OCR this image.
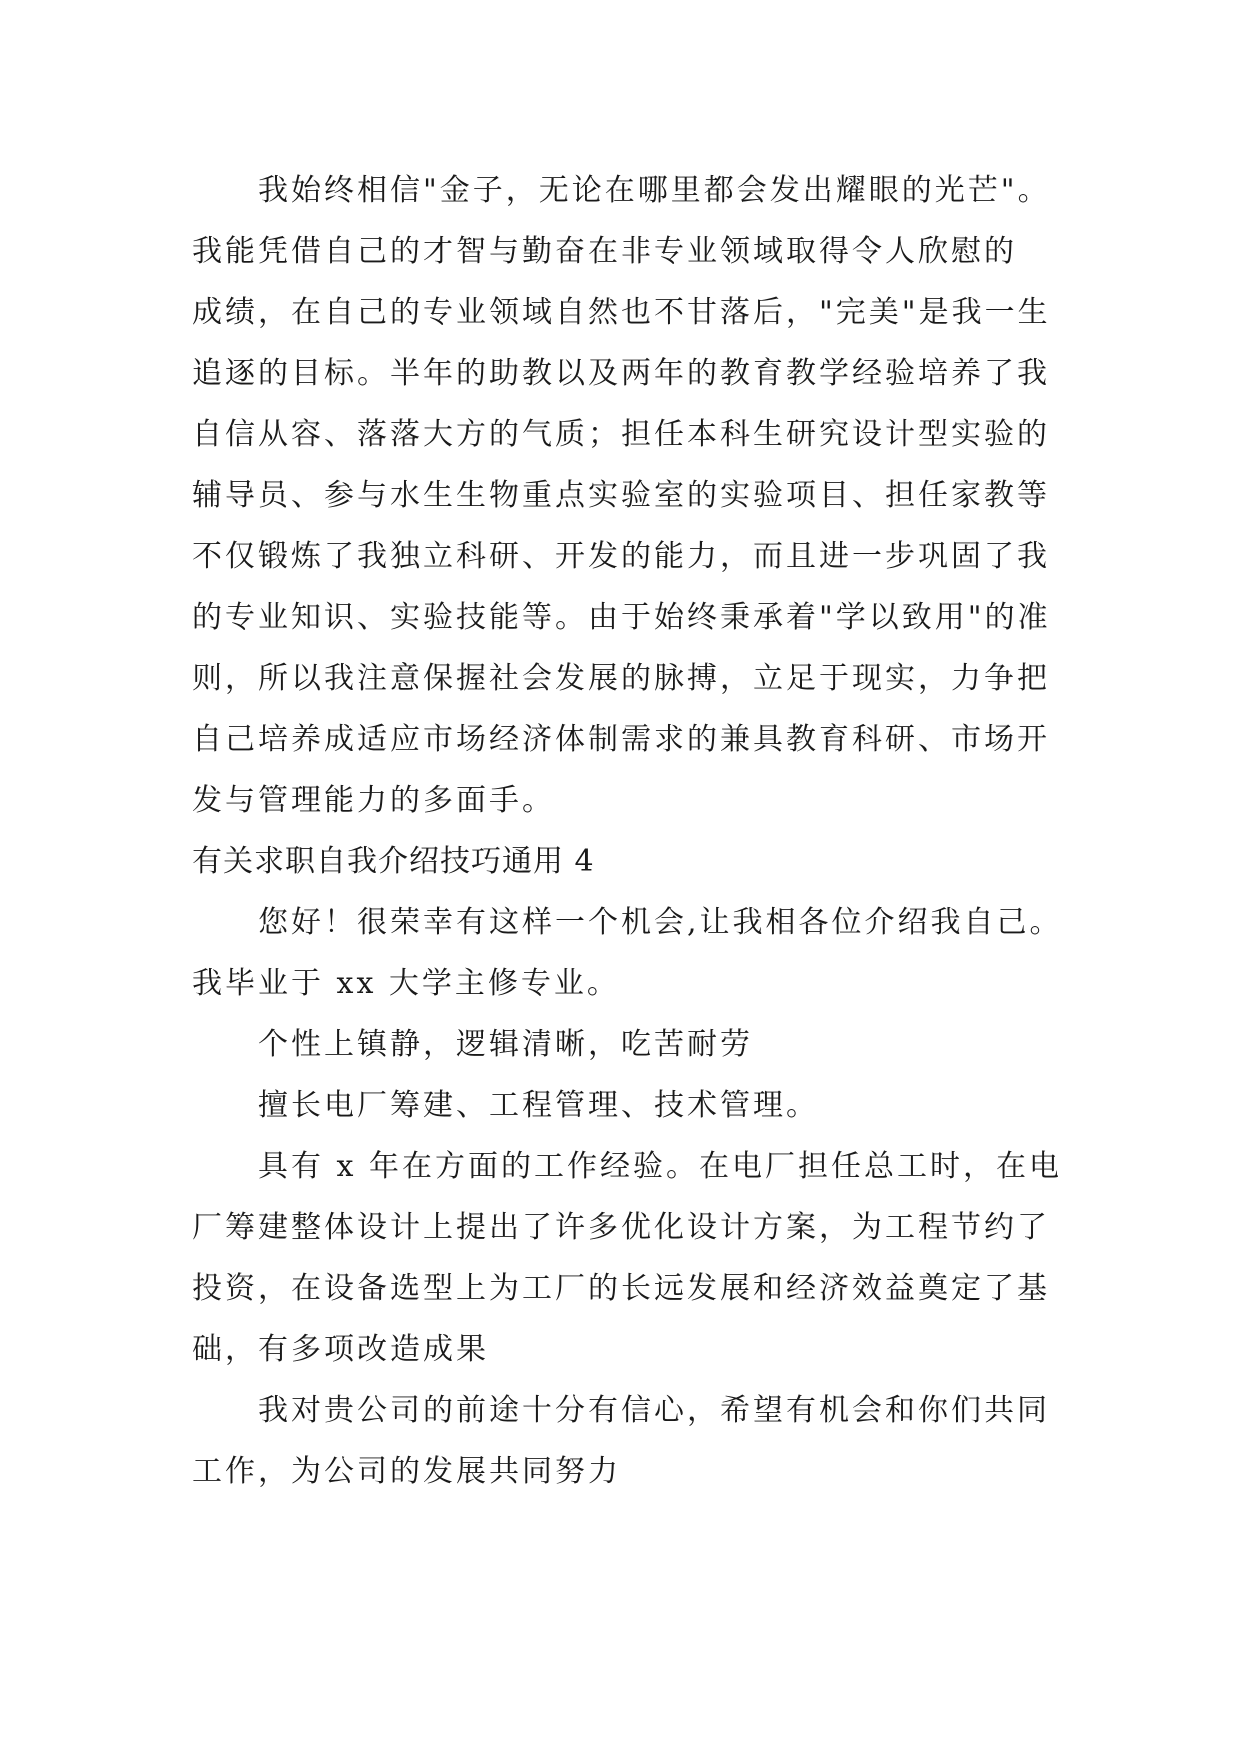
我始终相信"金子，无论在哪里都会发出耀眼的光芒"。
我能凭借自己的才智与勤奋在非专业领域取得令人欣慰的
成绩，在自己的专业领域自然也不甘落后，"完美"是我一生
追逐的目标。半年的助教以及两年的教育教学经验培养了我
自信从容、落落大方的气质；担任本科生研究设计型实验的
辅导员、参与水生生物重点实验室的实验项目、担任家教等
不仅锻炼了我独立科研、开发的能力，而且进一步巩固了我
的专业知识、实验技能等。由于始终秉承着"学以致用"的准
则，所以我注意保握社会发展的脉搏，立足于现实，力争把
自己培养成适应市场经济体制需求的兼具教育科研、市场开
发与管理能力的多面手。
有关求职自我介绍技巧通用 4
您好！很荣幸有这样一个机会,让我相各位介绍我自己。
我毕业于 xx 大学主修专业。
个性上镇静，逻辑清晰，吃苦耐劳
擅长电厂筹建、工程管理、技术管理。
具有 x 年在方面的工作经验。在电厂担任总工时，在电
厂筹建整体设计上提出了许多优化设计方案，为工程节约了
投资，在设备选型上为工厂的长远发展和经济效益奠定了基
础，有多项改造成果
我对贵公司的前途十分有信心，希望有机会和你们共同
工作，为公司的发展共同努力
